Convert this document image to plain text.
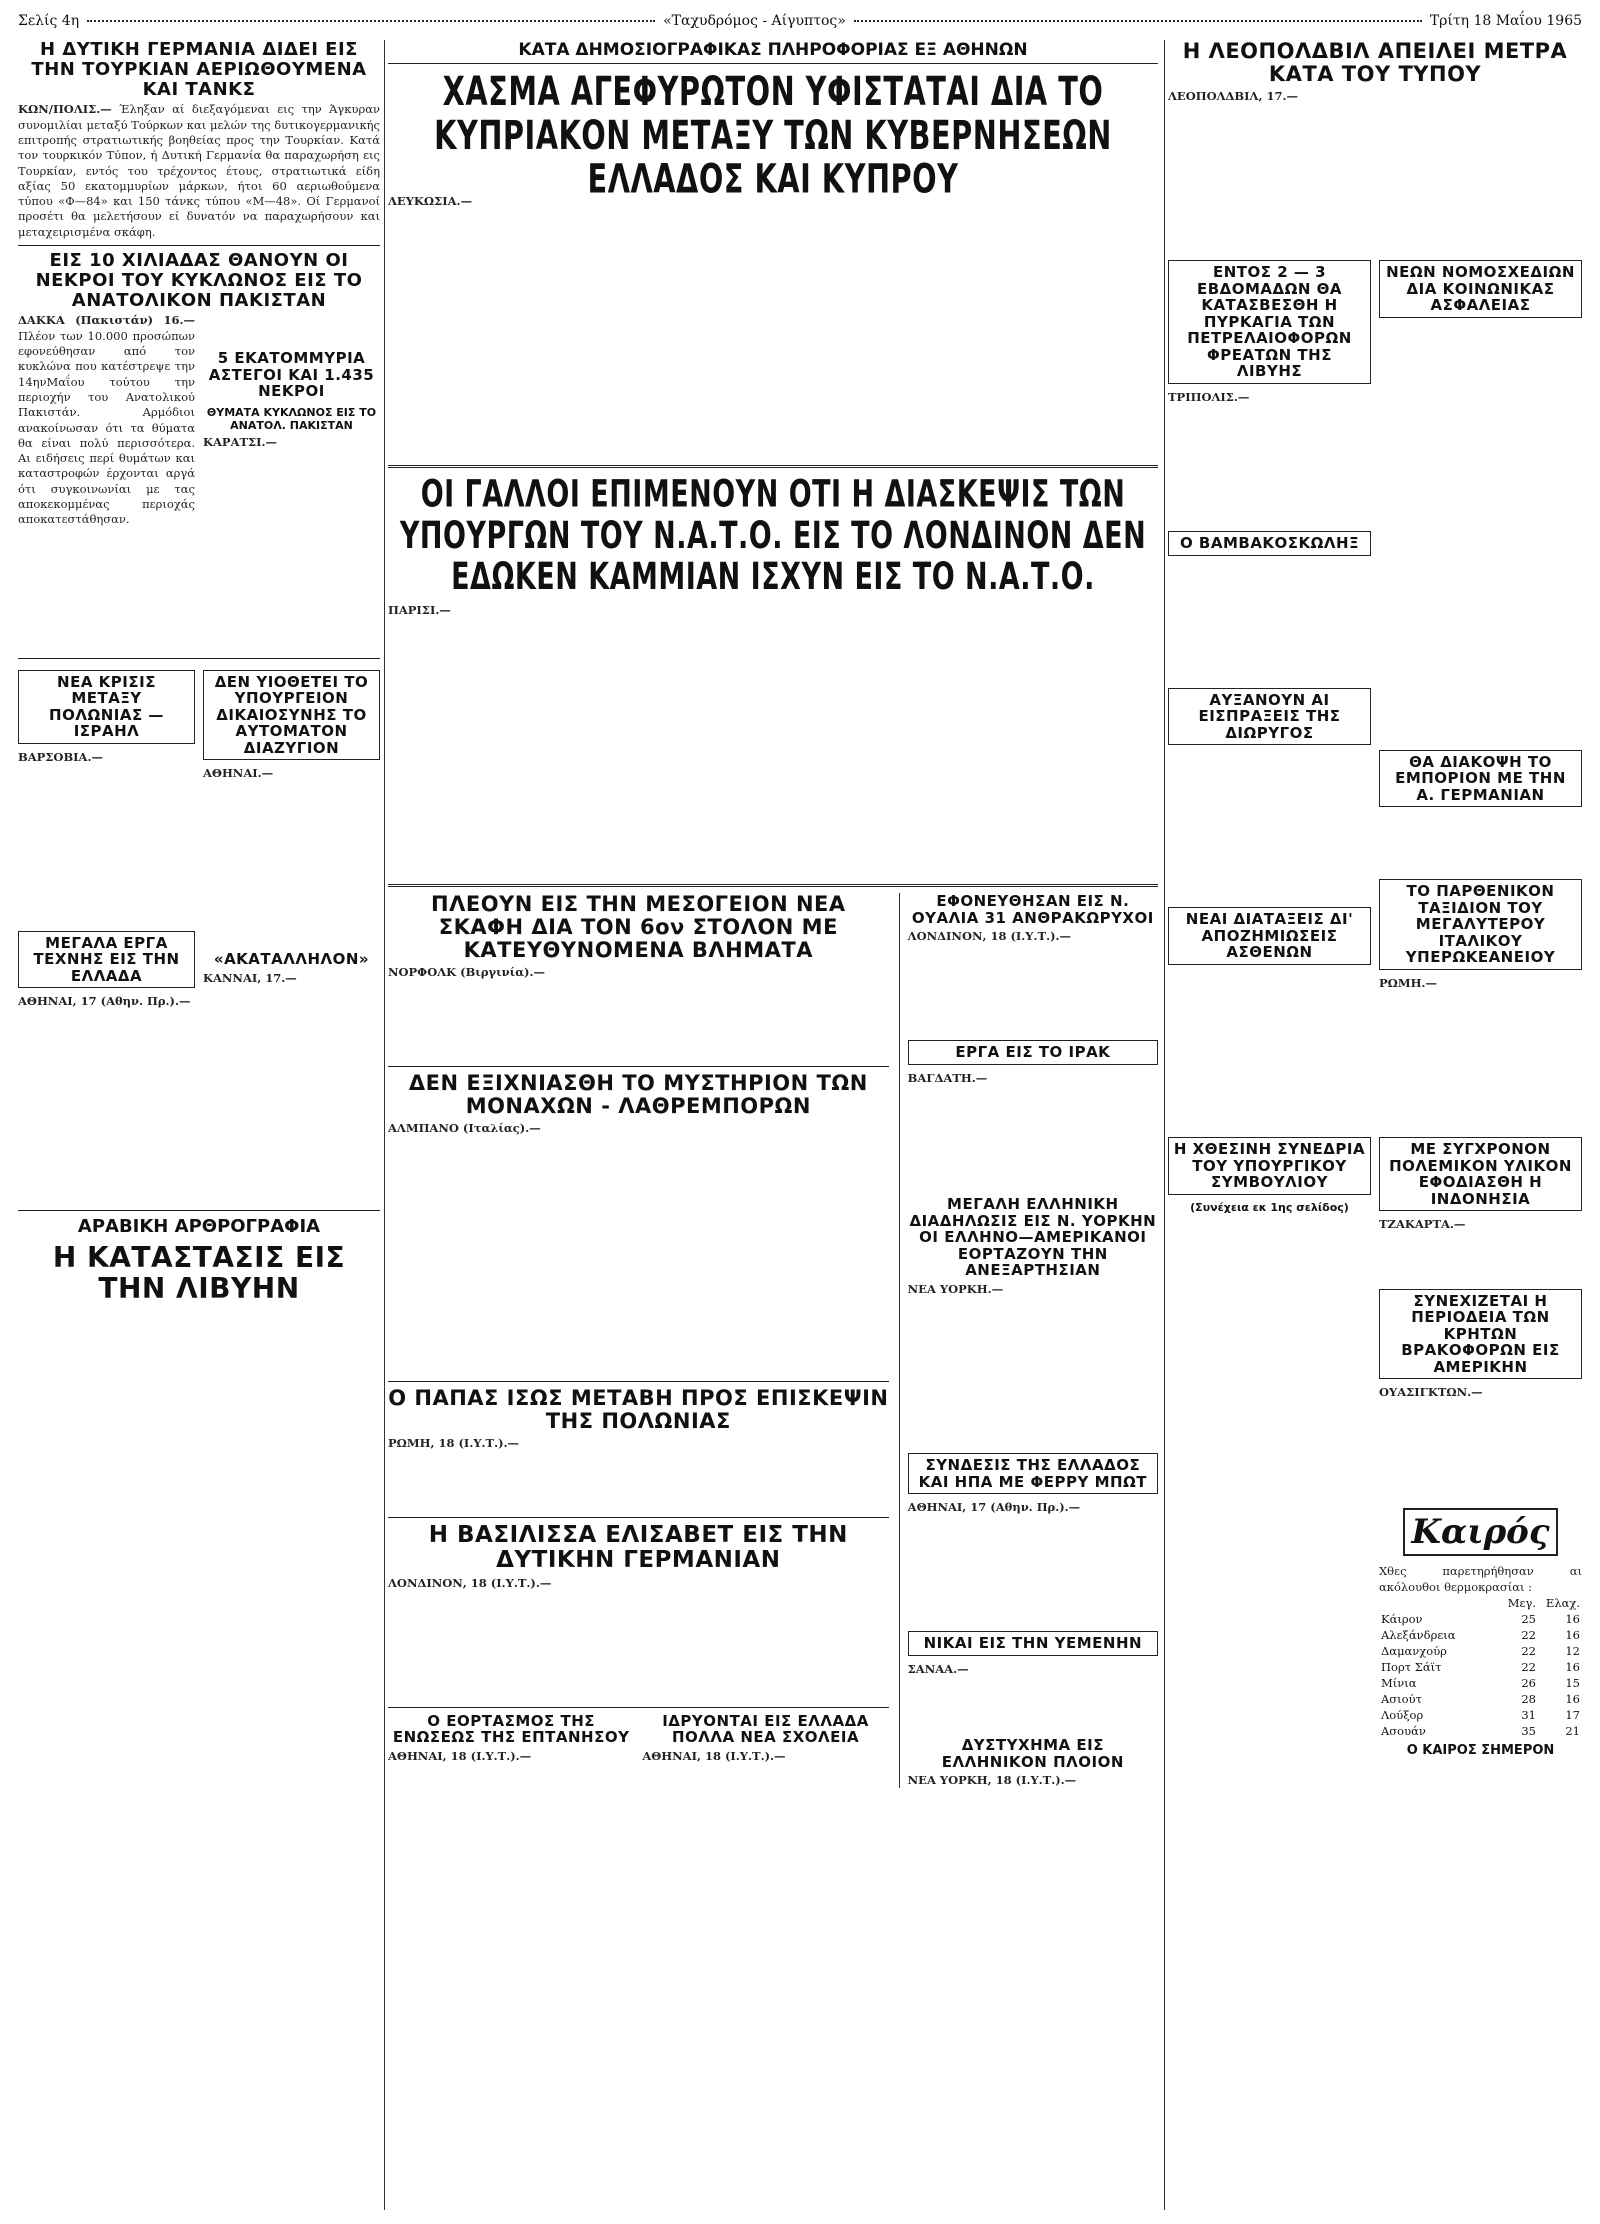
Σελίς 4η	«Ταχυδρόμος - Αίγυπτος»	Τρίτη 18 Μαΐου 1965
Η ΔΥΤΙΚΗ ΓΕΡΜΑΝΙΑ ΔΙΔΕΙ ΕΙΣ ΤΗΝ ΤΟΥΡΚΙΑΝ ΑΕΡΙΩΘΟΥΜΕΝΑ ΚΑΙ ΤΑΝΚΣ

ΚΩΝ/ΠΟΛΙΣ.— Έληξαν αί διεξαγόμεναι εις την Άγκυραν συνομιλίαι μεταξύ Τούρκων και μελών της δυτικογερμανικής επιτροπής στρατιωτικής βοηθείας προς την Τουρκίαν. Κατά τον τουρκικόν Τύπον, ή Δυτική Γερμανία θα παραχωρήση εις Τουρκίαν, εντός του τρέχοντος έτους, στρατιωτικά είδη αξίας 50 εκατομμυρίων μάρκων, ήτοι 60 αεριωθούμενα τύπου «Φ—84» και 150 τάνκς τύπου «Μ—48». Οί Γερμανοί προσέτι θα μελετήσουν εί δυνατόν να παραχωρήσουν και μεταχειρισμένα σκάφη.

ΕΙΣ 10 ΧΙΛΙΑΔΑΣ ΘΑΝΟΥΝ ΟΙ ΝΕΚΡΟΙ ΤΟΥ ΚΥΚΛΩΝΟΣ ΕΙΣ ΤΟ ΑΝΑΤΟΛΙΚΟΝ ΠΑΚΙΣΤΑΝ

ΔΑΚΚΑ (Πακιστάν) 16.— Πλέον των 10.000 προσώπων εφονεύθησαν από τον κυκλώνα που κατέστρεψε την 14ηνΜαΐου τούτου την περιοχήν του Ανατολικού Πακιστάν. Αρμόδιοι ανακοίνωσαν ότι τα θύματα θα είναι πολύ περισσότερα. Αι ειδήσεις περί θυμάτων και καταστροφών έρχονται αργά ότι συγκοινωνίαι με τας αποκεκομμένας περιοχάς αποκατεστάθησαν.

5 ΕΚΑΤΟΜΜΥΡΙΑ ΑΣΤΕΓΟΙ ΚΑΙ 1.435 ΝΕΚΡΟΙ
ΘΥΜΑΤΑ ΚΥΚΛΩΝΟΣ ΕΙΣ ΤΟ ΑΝΑΤΟΛ. ΠΑΚΙΣΤΑΝ

ΚΑΡΑΤΣΙ.—

ΝΕΑ ΚΡΙΣΙΣ ΜΕΤΑΞΥ ΠΟΛΩΝΙΑΣ — ΙΣΡΑΗΛ

ΒΑΡΣΟΒΙΑ.—

ΜΕΓΑΛΑ ΕΡΓΑ ΤΕΧΝΗΣ ΕΙΣ ΤΗΝ ΕΛΛΑΔΑ

ΑΘΗΝΑΙ, 17 (Αθην. Πρ.).—

ΔΕΝ ΥΙΟΘΕΤΕΙ ΤΟ ΥΠΟΥΡΓΕΙΟΝ ΔΙΚΑΙΟΣΥΝΗΣ ΤΟ ΑΥΤΟΜΑΤΟΝ ΔΙΑΖΥΓΙΟΝ

ΑΘΗΝΑΙ.—

«ΑΚΑΤΑΛΛΗΛΟΝ»

ΚΑΝΝΑΙ, 17.—

ΑΡΑΒΙΚΗ ΑΡΘΡΟΓΡΑΦΙΑ
Η ΚΑΤΑΣΤΑΣΙΣ ΕΙΣ ΤΗΝ ΛΙΒΥΗΝ
ΚΑΤΑ ΔΗΜΟΣΙΟΓΡΑΦΙΚΑΣ ΠΛΗΡΟΦΟΡΙΑΣ ΕΞ ΑΘΗΝΩΝ
ΧΑΣΜΑ ΑΓΕΦΥΡΩΤΟΝ ΥΦΙΣΤΑΤΑΙ ΔΙΑ ΤΟ ΚΥΠΡΙΑΚΟΝ ΜΕΤΑΞΥ ΤΩΝ ΚΥΒΕΡΝΗΣΕΩΝ ΕΛΛΑΔΟΣ ΚΑΙ ΚΥΠΡΟΥ

ΛΕΥΚΩΣΙΑ.—

ΟΙ ΓΑΛΛΟΙ ΕΠΙΜΕΝΟΥΝ ΟΤΙ Η ΔΙΑΣΚΕΨΙΣ ΤΩΝ ΥΠΟΥΡΓΩΝ ΤΟΥ Ν.Α.Τ.Ο. ΕΙΣ ΤΟ ΛΟΝΔΙΝΟΝ ΔΕΝ ΕΔΩΚΕΝ ΚΑΜΜΙΑΝ ΙΣΧΥΝ ΕΙΣ ΤΟ Ν.Α.Τ.Ο.

ΠΑΡΙΣΙ.—

ΠΛΕΟΥΝ ΕΙΣ ΤΗΝ ΜΕΣΟΓΕΙΟΝ ΝΕΑ ΣΚΑΦΗ ΔΙΑ ΤΟΝ 6ον ΣΤΟΛΟΝ ΜΕ ΚΑΤΕΥΘΥΝΟΜΕΝΑ ΒΛΗΜΑΤΑ

ΝΟΡΦΟΛΚ (Βιργινία).—

ΔΕΝ ΕΞΙΧΝΙΑΣΘΗ ΤΟ ΜΥΣΤΗΡΙΟΝ ΤΩΝ ΜΟΝΑΧΩΝ - ΛΑΘΡΕΜΠΟΡΩΝ

ΑΛΜΠΑΝΟ (Ιταλίας).—

Ο ΠΑΠΑΣ ΙΣΩΣ ΜΕΤΑΒΗ ΠΡΟΣ ΕΠΙΣΚΕΨΙΝ ΤΗΣ ΠΟΛΩΝΙΑΣ

ΡΩΜΗ, 18 (Ι.Υ.Τ.).—

Η ΒΑΣΙΛΙΣΣΑ ΕΛΙΣΑΒΕΤ ΕΙΣ ΤΗΝ ΔΥΤΙΚΗΝ ΓΕΡΜΑΝΙΑΝ

ΛΟΝΔΙΝΟΝ, 18 (Ι.Υ.Τ.).—

Ο ΕΟΡΤΑΣΜΟΣ ΤΗΣ ΕΝΩΣΕΩΣ ΤΗΣ ΕΠΤΑΝΗΣΟΥ

ΑΘΗΝΑΙ, 18 (Ι.Υ.Τ.).—

ΙΔΡΥΟΝΤΑΙ ΕΙΣ ΕΛΛΑΔΑ ΠΟΛΛΑ ΝΕΑ ΣΧΟΛΕΙΑ

ΑΘΗΝΑΙ, 18 (Ι.Υ.Τ.).—

ΕΦΟΝΕΥΘΗΣΑΝ ΕΙΣ Ν. ΟΥΑΛΙΑ 31 ΑΝΘΡΑΚΩΡΥΧΟΙ

ΛΟΝΔΙΝΟΝ, 18 (Ι.Υ.Τ.).—

ΕΡΓΑ ΕΙΣ ΤΟ ΙΡΑΚ

ΒΑΓΔΑΤΗ.—

ΜΕΓΑΛΗ ΕΛΛΗΝΙΚΗ ΔΙΑΔΗΛΩΣΙΣ ΕΙΣ Ν. ΥΟΡΚΗΝ ΟΙ ΕΛΛΗΝΟ—ΑΜΕΡΙΚΑΝΟΙ ΕΟΡΤΑΖΟΥΝ ΤΗΝ ΑΝΕΞΑΡΤΗΣΙΑΝ

ΝΕΑ ΥΟΡΚΗ.—

ΣΥΝΔΕΣΙΣ ΤΗΣ ΕΛΛΑΔΟΣ ΚΑΙ ΗΠΑ ΜΕ ΦΕΡΡΥ ΜΠΩΤ

ΑΘΗΝΑΙ, 17 (Αθην. Πρ.).—

ΝΙΚΑΙ ΕΙΣ ΤΗΝ ΥΕΜΕΝΗΝ

ΣΑΝΑΑ.—

ΔΥΣΤΥΧΗΜΑ ΕΙΣ ΕΛΛΗΝΙΚΟΝ ΠΛΟΙΟΝ

ΝΕΑ ΥΟΡΚΗ, 18 (Ι.Υ.Τ.).—

Η ΛΕΟΠΟΛΔΒΙΛ ΑΠΕΙΛΕΙ ΜΕΤΡΑ ΚΑΤΑ ΤΟΥ ΤΥΠΟΥ

ΛΕΟΠΟΛΔΒΙΛ, 17.—

ΕΝΤΟΣ 2 — 3 ΕΒΔΟΜΑΔΩΝ ΘΑ ΚΑΤΑΣΒΕΣΘΗ Η ΠΥΡΚΑΓΙΑ ΤΩΝ ΠΕΤΡΕΛΑΙΟΦΟΡΩΝ ΦΡΕΑΤΩΝ ΤΗΣ ΛΙΒΥΗΣ

ΤΡΙΠΟΛΙΣ.—

Ο ΒΑΜΒΑΚΟΣΚΩΛΗΞ
ΑΥΞΑΝΟΥΝ ΑΙ ΕΙΣΠΡΑΞΕΙΣ ΤΗΣ ΔΙΩΡΥΓΟΣ
ΝΕΑΙ ΔΙΑΤΑΞΕΙΣ ΔΙ' ΑΠΟΖΗΜΙΩΣΕΙΣ ΑΣΘΕΝΩΝ
ΝΕΩΝ ΝΟΜΟΣΧΕΔΙΩΝ ΔΙΑ ΚΟΙΝΩΝΙΚΑΣ ΑΣΦΑΛΕΙΑΣ
ΘΑ ΔΙΑΚΟΨΗ ΤΟ ΕΜΠΟΡΙΟΝ ΜΕ ΤΗΝ Α. ΓΕΡΜΑΝΙΑΝ
ΤΟ ΠΑΡΘΕΝΙΚΟΝ ΤΑΞΙΔΙΟΝ ΤΟΥ ΜΕΓΑΛΥΤΕΡΟΥ ΙΤΑΛΙΚΟΥ ΥΠΕΡΩΚΕΑΝΕΙΟΥ

ΡΩΜΗ.—

Η ΧΘΕΣΙΝΗ ΣΥΝΕΔΡΙΑ ΤΟΥ ΥΠΟΥΡΓΙΚΟΥ ΣΥΜΒΟΥΛΙΟΥ
(Συνέχεια εκ 1ης σελίδος)
ΜΕ ΣΥΓΧΡΟΝΟΝ ΠΟΛΕΜΙΚΟΝ ΥΛΙΚΟΝ ΕΦΟΔΙΑΣΘΗ Η ΙΝΔΟΝΗΣΙΑ

ΤΖΑΚΑΡΤΑ.—

ΣΥΝΕΧΙΖΕΤΑΙ Η ΠΕΡΙΟΔΕΙΑ ΤΩΝ ΚΡΗΤΩΝ ΒΡΑΚΟΦΟΡΩΝ ΕΙΣ ΑΜΕΡΙΚΗΝ

ΟΥΑΣΙΓΚΤΩΝ.—

Καιρός

Χθες παρετηρήθησαν αι ακόλουθοι θερμοκρασίαι :

	Μεγ.	Ελαχ.
Κάιρον	25	16
Αλεξάνδρεια	22	16
Δαμανχούρ	22	12
Πορτ Σάϊτ	22	16
Μίνια	26	15
Ασιούτ	28	16
Λούξορ	31	17
Ασουάν	35	21
Ο ΚΑΙΡΟΣ ΣΗΜΕΡΟΝ
